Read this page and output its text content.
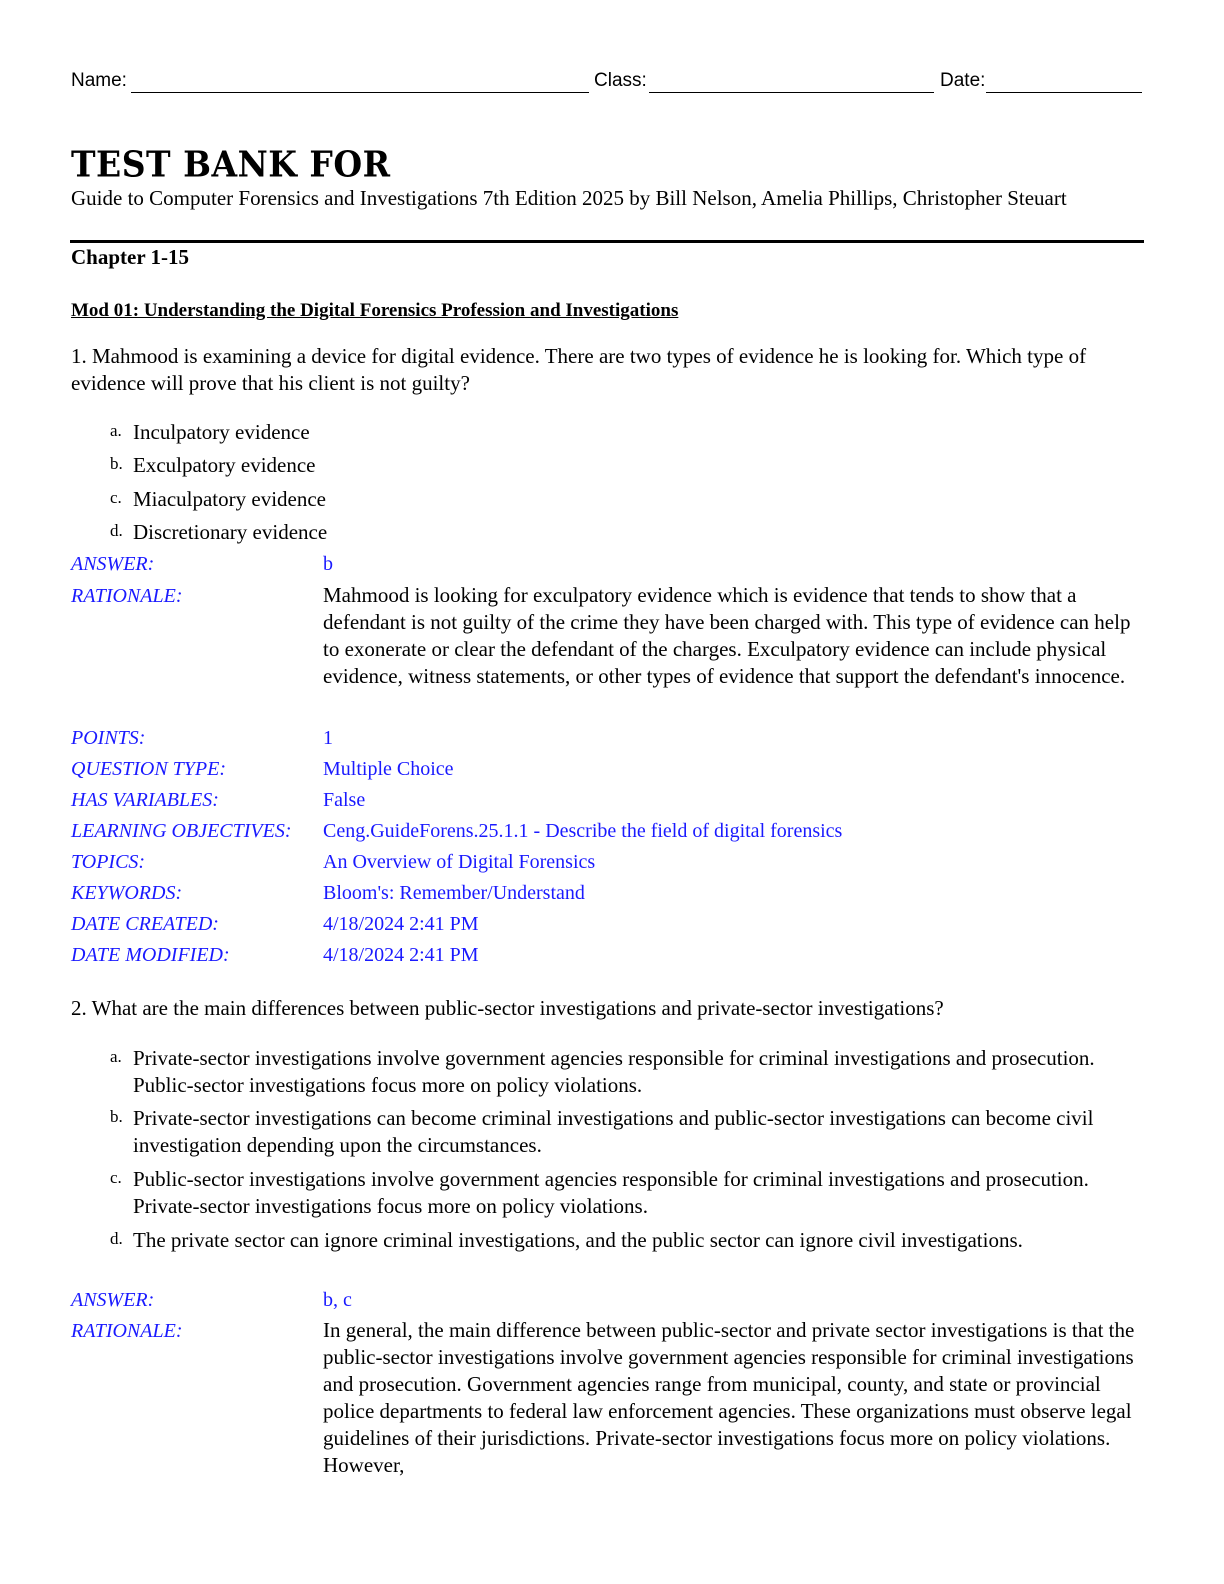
Name:	Class:	Date:
TEST BANK FOR
Guide to Computer Forensics and Investigations 7th Edition 2025 by Bill Nelson, Amelia Phillips, Christopher Steuart
Chapter 1-15
Mod 01: Understanding the Digital Forensics Profession and Investigations
1. Mahmood is examining a device for digital evidence. There are two types of evidence he is looking for. Which type of evidence will prove that his client is not guilty?
a. Inculpatory evidence
b. Exculpatory evidence
c. Miaculpatory evidence
d. Discretionary evidence
ANSWER:	b
RATIONALE:	Mahmood is looking for exculpatory evidence which is evidence that tends to show that a defendant is not guilty of the crime they have been charged with. This type of evidence can help to exonerate or clear the defendant of the charges. Exculpatory evidence can include physical evidence, witness statements, or other types of evidence that support the defendant's innocence.
POINTS:	1
QUESTION TYPE:	Multiple Choice
HAS VARIABLES:	False
LEARNING OBJECTIVES: Ceng.GuideForens.25.1.1 - Describe the field of digital forensics
TOPICS:	An Overview of Digital Forensics
KEYWORDS:	Bloom's: Remember/Understand
DATE CREATED:	4/18/2024 2:41 PM
DATE MODIFIED:	4/18/2024 2:41 PM
2. What are the main differences between public-sector investigations and private-sector investigations?
a. Private-sector investigations involve government agencies responsible for criminal investigations and prosecution. Public-sector investigations focus more on policy violations.
b. Private-sector investigations can become criminal investigations and public-sector investigations can become civil investigation depending upon the circumstances.
c. Public-sector investigations involve government agencies responsible for criminal investigations and prosecution. Private-sector investigations focus more on policy violations.
d. The private sector can ignore criminal investigations, and the public sector can ignore civil investigations.
ANSWER:	b, c
RATIONALE:	In general, the main difference between public-sector and private sector investigations is that the public-sector investigations involve government agencies responsible for criminal investigations and prosecution. Government agencies range from municipal, county, and state or provincial police departments to federal law enforcement agencies. These organizations must observe legal guidelines of their jurisdictions. Private-sector investigations focus more on policy violations. However,
